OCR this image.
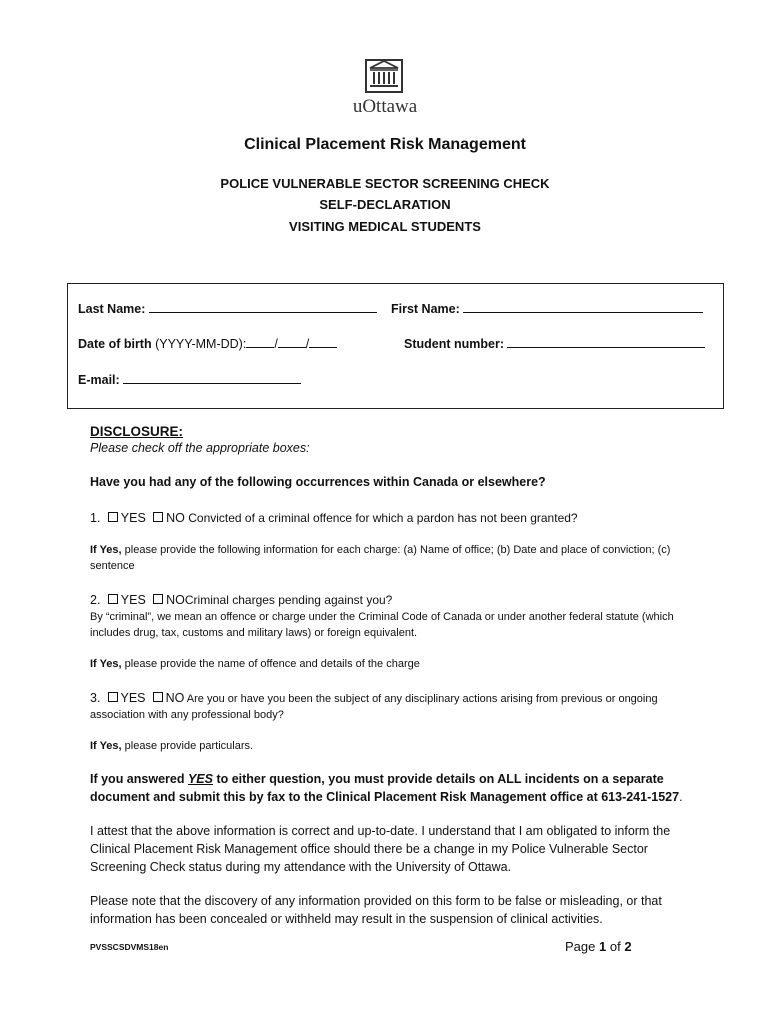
uOttawa
Clinical Placement Risk Management
POLICE VULNERABLE SECTOR SCREENING CHECK
SELF-DECLARATION
VISITING MEDICAL STUDENTS
Last Name:	First Name:
Date of birth (YYYY-MM-DD): / /	Student number:
E-mail:
DISCLOSURE:
Please check off the appropriate boxes:
Have you had any of the following occurrences within Canada or elsewhere?
1. YES NO Convicted of a criminal offence for which a pardon has not been granted?
If Yes, please provide the following information for each charge: (a) Name of office; (b) Date and place of conviction; (c) sentence
2. YES NOCriminal charges pending against you?
By “criminal”, we mean an offence or charge under the Criminal Code of Canada or under another federal statute (which includes drug, tax, customs and military laws) or foreign equivalent.
If Yes, please provide the name of offence and details of the charge
3. YES NO Are you or have you been the subject of any disciplinary actions arising from previous or ongoing association with any professional body?
If Yes, please provide particulars.
If you answered YES to either question, you must provide details on ALL incidents on a separate document and submit this by fax to the Clinical Placement Risk Management office at 613-241-1527.
I attest that the above information is correct and up-to-date. I understand that I am obligated to inform the Clinical Placement Risk Management office should there be a change in my Police Vulnerable Sector Screening Check status during my attendance with the University of Ottawa.
Please note that the discovery of any information provided on this form to be false or misleading, or that information has been concealed or withheld may result in the suspension of clinical activities.
PVSSCSDVMS18en	Page 1 of 2
